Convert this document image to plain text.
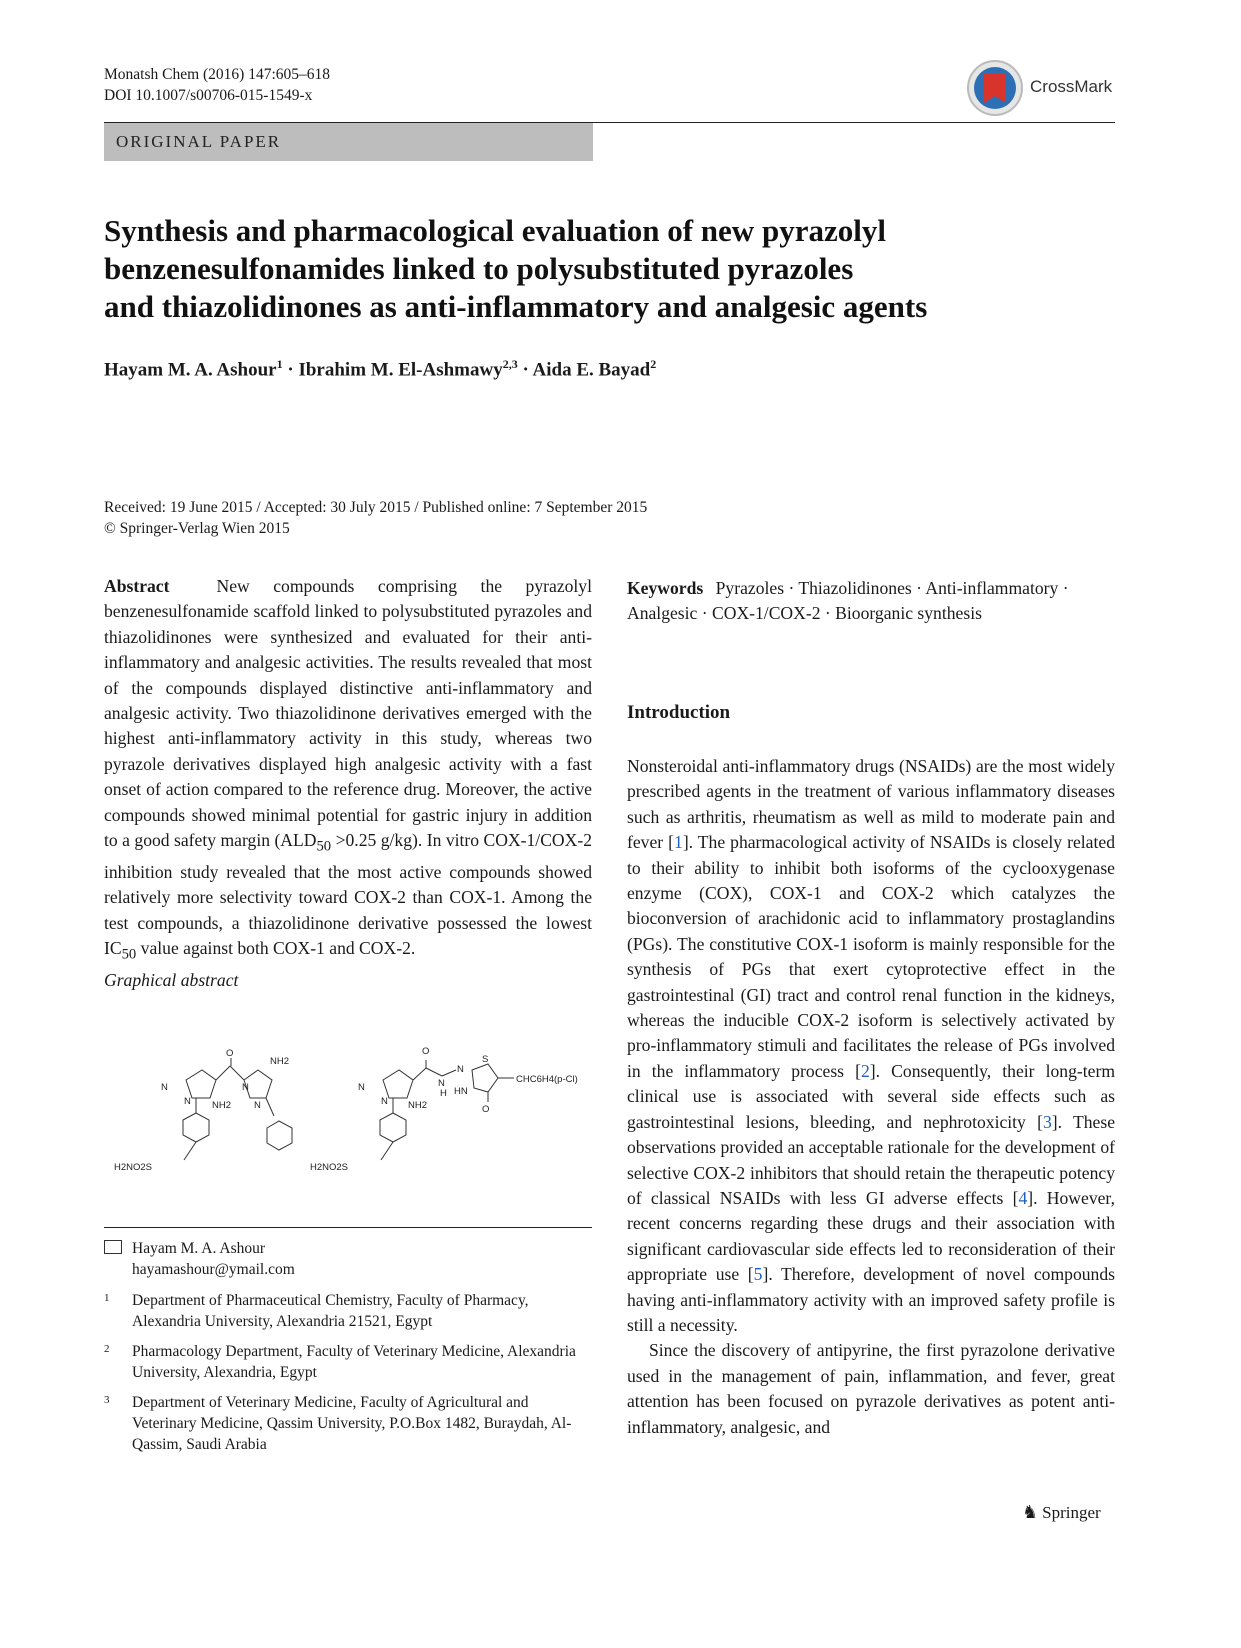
Monatsh Chem (2016) 147:605–618
DOI 10.1007/s00706-015-1549-x	CrossMark
ORIGINAL PAPER
Synthesis and pharmacological evaluation of new pyrazolyl
benzenesulfonamides linked to polysubstituted pyrazoles
and thiazolidinones as anti-inflammatory and analgesic agents
Hayam M. A. Ashour$^1$ · Ibrahim M. El-Ashmawy$^{2,3}$ · Aida E. Bayad$^2$
Received: 19 June 2015 / Accepted: 30 July 2015 / Published online: 7 September 2015
© Springer-Verlag Wien 2015
Abstract	New compounds comprising the pyrazolyl benzenesulfonamide scaffold linked to polysubstituted pyrazoles and thiazolidinones were synthesized and evaluated for their anti-inflammatory and analgesic activities. The results revealed that most of the compounds displayed distinctive anti-inflammatory and analgesic activity. Two thiazolidinone derivatives emerged with the highest anti-inflammatory activity in this study, whereas two pyrazole derivatives displayed high analgesic activity with a fast onset of action compared to the reference drug. Moreover, the active compounds showed minimal potential for gastric injury in addition to a good safety margin ($ALD_{50} >0.25$ g/kg). In vitro COX-1/COX-2 inhibition study revealed that the most active compounds showed relatively more selectivity toward COX-2 than COX-1. Among the test compounds, a thiazolidinone derivative possessed the lowest $IC_{50}$ value against both COX-1 and COX-2.
Graphical abstract
N
N
O
N
N
NH2
NH2
H2NO2S
N
N
O
N
H
N
S
HN
O
NH2
CHC6H4(p-Cl)
H2NO2S
Hayam M. A. Ashour
hayamashour@ymail.com
1 Department of Pharmaceutical Chemistry, Faculty of Pharmacy, Alexandria University, Alexandria 21521, Egypt
2 Pharmacology Department, Faculty of Veterinary Medicine, Alexandria University, Alexandria, Egypt
3 Department of Veterinary Medicine, Faculty of Agricultural and Veterinary Medicine, Qassim University, P.O.Box 1482, Buraydah, Al-Qassim, Saudi Arabia
Keywords Pyrazoles · Thiazolidinones · Anti-inflammatory · Analgesic · COX-1/COX-2 · Bioorganic synthesis
Introduction

Nonsteroidal anti-inflammatory drugs (NSAIDs) are the most widely prescribed agents in the treatment of various inflammatory diseases such as arthritis, rheumatism as well as mild to moderate pain and fever [1]. The pharmacological activity of NSAIDs is closely related to their ability to inhibit both isoforms of the cyclooxygenase enzyme (COX), COX-1 and COX-2 which catalyzes the bioconversion of arachidonic acid to inflammatory prostaglandins (PGs). The constitutive COX-1 isoform is mainly responsible for the synthesis of PGs that exert cytoprotective effect in the gastrointestinal (GI) tract and control renal function in the kidneys, whereas the inducible COX-2 isoform is selectively activated by pro-inflammatory stimuli and facilitates the release of PGs involved in the inflammatory process [2]. Consequently, their long-term clinical use is associated with several side effects such as gastrointestinal lesions, bleeding, and nephrotoxicity [3]. These observations provided an acceptable rationale for the development of selective COX-2 inhibitors that should retain the therapeutic potency of classical NSAIDs with less GI adverse effects [4]. However, recent concerns regarding these drugs and their association with significant cardiovascular side effects led to reconsideration of their appropriate use [5]. Therefore, development of novel compounds having anti-inflammatory activity with an improved safety profile is still a necessity.

Since the discovery of antipyrine, the first pyrazolone derivative used in the management of pain, inflammation, and fever, great attention has been focused on pyrazole derivatives as potent anti-inflammatory, analgesic, and

♞ Springer
